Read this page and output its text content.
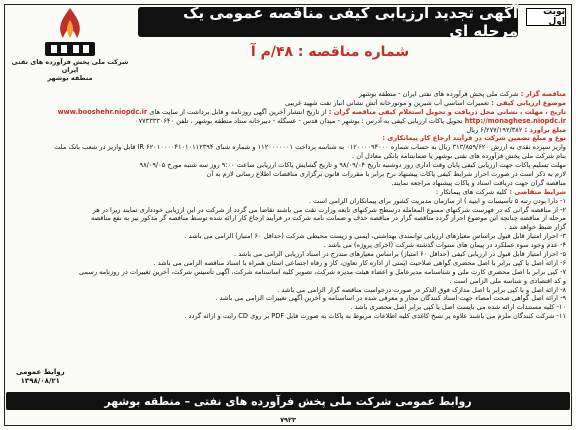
نوبت اول
آگهی تجدید ارزیابی کیفی مناقصه عمومی یک مرحله ای
شماره مناقصه : ۴۸/م آ
شرکت ملی پخش فرآورده های نفتی ایران
منطقه بوشهر
مناقصه گزار : شرکت ملی پخش فرآورده های نفتی ایران - منطقه بوشهر
موضوع ارزیابی کیفی : تعمیرات اساسی آب شیرین و موتورخانه آتش نشانی انبار نفت شهید غریبی
تاریخ ، مهلت ، نشانی محل دریافت و تحویل استعلام کیفی مناقصه گران : از تاریخ انتشار آخرین آگهی روزنامه و قابل برداشت از سایت های www.booshehr.niopdc.ir
http://monaghese.niopdc.ir تحویل پاکات ارزیابی کیفی به آدرس : بوشهر - میدان قدس - عسگله - دبیرخانه ستاد منطقه بوشهر ، تلفن ۰۷۷۳۳۳۳۰۶۴۰
مبلغ برآورد : ۶/۲۷۷/۱۹۲/۳۸۲ ریال
نوع و مبلغ تضمین شرکت در فرآیند ارجاع کار پیمانکاری :
واریز سپرده نقدی به ارزش ۳۱۳/۸۵۹/۶۲۰ ریال به حساب شماره ۰۱۲۰۰۰۰۹۴۰۰۰ به شناسه پرداخت ۱۱۲۰۰۰۰۰۰۱ و شماره شبای IR ۶۲۰۱۰۰۰۰۴۱۰۱۰۱۱۲۳۹۴ قابل واریز در شعب بانک ملت
بنام شرکت ملی پخش فرآورده های نفتی بوشهر یا ضمانتنامه بانکی معادل آن .
مهلت تسلیم پاکات جهت ارزیابی کیفی پایان وقت اداری روز دوشنبه تاریخ ۹۸/۰۹/۰۴ و تاریخ گشایش پاکات ارزیابی ساعت ۹:۰۰ روز سه شنبه مورخ ۹۸/۰۹/۰۵
لازم به ذکر است در صورت احراز شرایط کیفی پاکات پیشنهاد نرخ برابر با مقررات قانون برگزاری مناقصات اطلاع رسانی لازم به آن
مناقصه گران جهت دریافت اسناد و پاکات پیشنهاد مراجعه نمایند.
شرایط متقاضی : کلیه شرکت های پیمانکار :
۱- دارا بودن رتبه ۵ تأسیسات و ابنیه ) از سازمان مدیریت کشور برای پیمانکاران الزامی است .
۲- از مناقصه گرانی که در فهرست شرکتهای ممنوع المعامله درسطح شرکتهای تابعه وزارت نفت می باشند تقاضا می گردد از شرکت در این ارزیابی خودداری نمایند زیرا در هر
مرحله از مناقصه چنانچه این موضوع احراز گردد مناقصه گزار در مناقصه حذف و ضمانت نامه شرکت در فرآیند ارجاع کار ارائه شده توسط مناقصه گر مذکور نیز به نفع مناقصه
گزار ضبط خواهد شد .
۳- احراز امتیاز قابل قبول براساس معیارهای ارزیابی توانمندی بهداشتی، ایمنی و زیست محیطی شرکت (حداقل ۶۰ امتیاز) الزامی می باشد .
۴- عدم وجود سوء عملکرد در پیمان های سنوات گذشته شرکت (اجرای پروژه) می باشد .
۵- احراز امتیاز قابل قبول در ارزیابی کیفی (حداقل ۶۰ امتیاز) براساس معیارهای مندرج در اسناد ارزیابی الزامی می باشد .
۶- ارائه اصل یا کپی برابر با اصل محضری گواهی صلاحیت ایمنی از اداره کار تعاون، کار و رفاه اجتماعی استان همراه با اسناد مناقصه الزامی می باشد .
۷- کپی برابر با اصل محضری کارت ملی و شناسنامه مدیرعامل و اعضاء هیئت مدیره شرکت، تصویر کلیه اساسنامه شرکت، آگهی تأسیس شرکت، آخرین تغییرات در روزنامه رسمی
و کد اقتصادی و شناسه ملی الزامی است .
۸- ارائه اصل و یا کپی برابر با اصل مدارک فوق الذکر در صورت درخواست مناقصه گزار الزامی می باشد .
۹- ارائه اصل گواهی صحت امضاء جهت اسناد کنندگان مجاز و معرفی شده در اساسنامه و آخرین آگهی تغییرات الزامی می باشد .
۱۰- کلیه مستندات ارائه شده می بایست اصل یا کپی برابر اصل محضری باشد .
۱۱- شرکت کنندگان ملزم می باشند علاوه بر نسخ کاغذی کلیه اطلاعات مربوط به پاکات به صورت فایل PDF بر روی CD رایت و ارائه گردد .
روابط عمومی
۱۳۹۸/۰۸/۲۱
روابط عمومی شرکت ملی پخش فرآورده های نفتی – منطقه بوشهر
۷۹۲۳
